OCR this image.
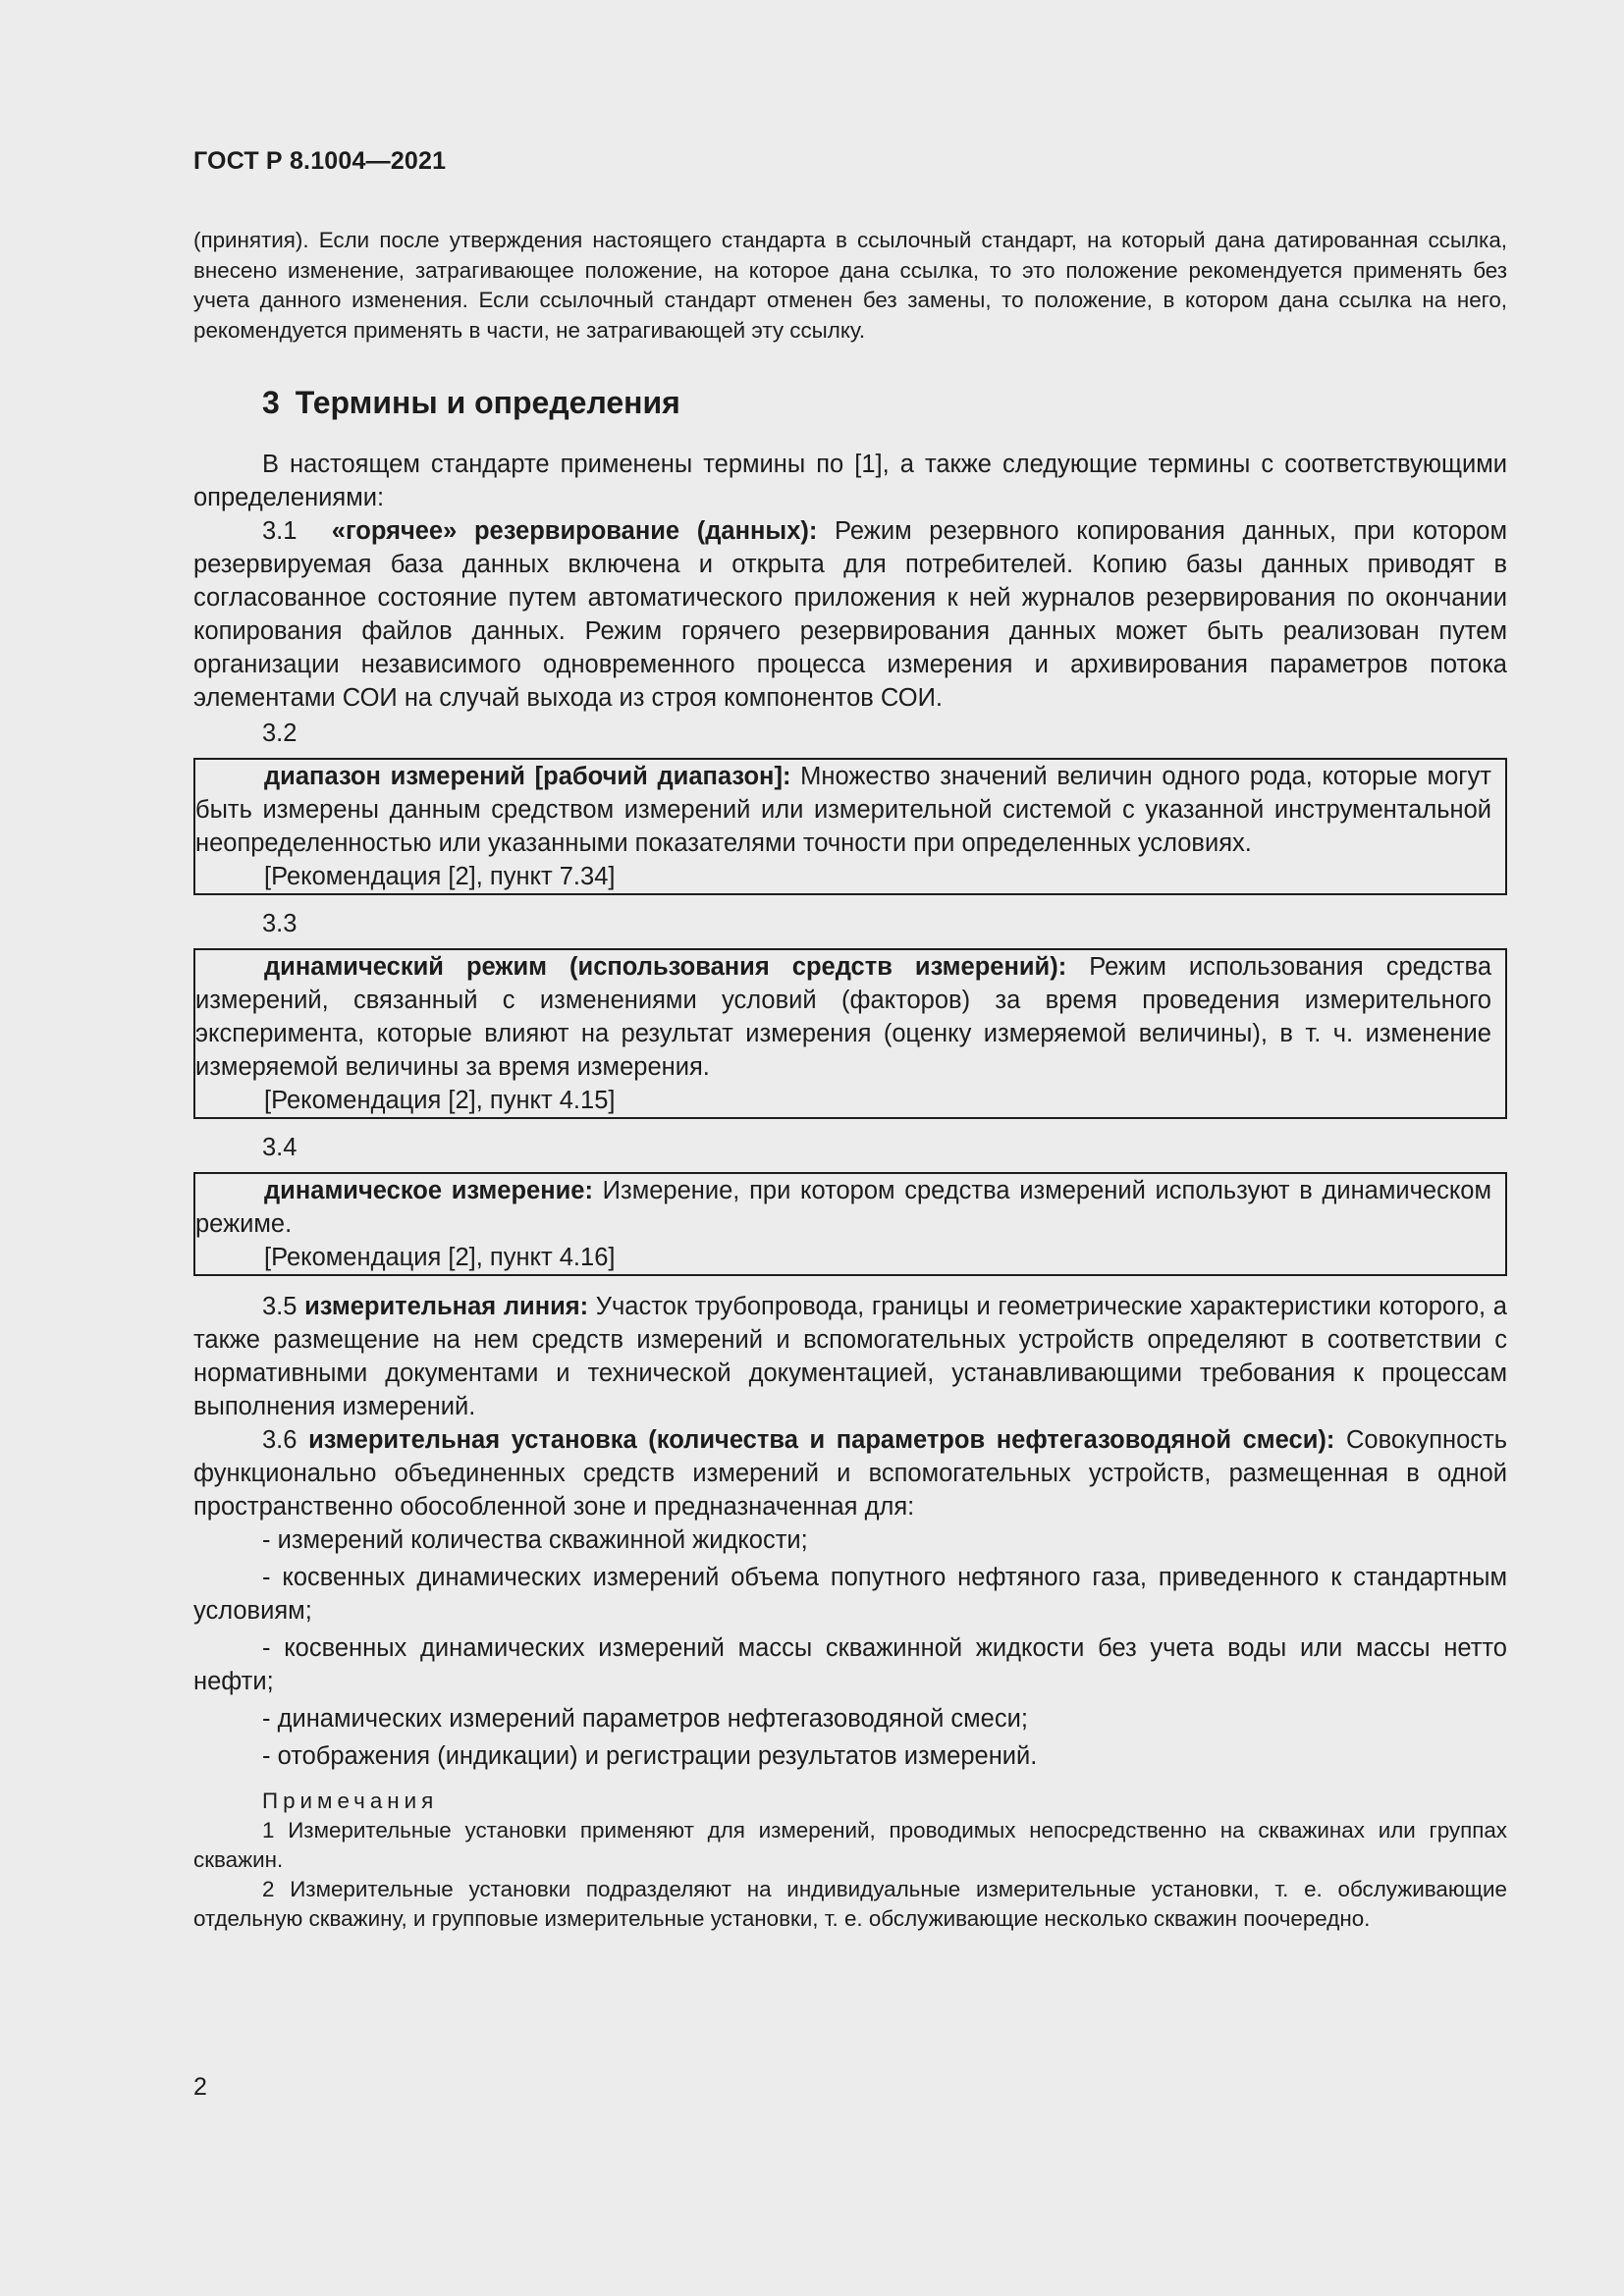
ГОСТ Р 8.1004—2021

(принятия). Если после утверждения настоящего стандарта в ссылочный стандарт, на который дана датированная ссылка, внесено изменение, затрагивающее положение, на которое дана ссылка, то это положение рекомендуется применять без учета данного изменения. Если ссылочный стандарт отменен без замены, то положение, в котором дана ссылка на него, рекомендуется применять в части, не затрагивающей эту ссылку.

3 Термины и определения

В настоящем стандарте применены термины по [1], а также следующие термины с соответствующими определениями:

3.1 «горячее» резервирование (данных): Режим резервного копирования данных, при котором резервируемая база данных включена и открыта для потребителей. Копию базы данных приводят в согласованное состояние путем автоматического приложения к ней журналов резервирования по окончании копирования файлов данных. Режим горячего резервирования данных может быть реализован путем организации независимого одновременного процесса измерения и архивирования параметров потока элементами СОИ на случай выхода из строя компонентов СОИ.

3.2

диапазон измерений [рабочий диапазон]: Множество значений величин одного рода, которые могут быть измерены данным средством измерений или измерительной системой с указанной инструментальной неопределенностью или указанными показателями точности при определенных условиях.

[Рекомендация [2], пункт 7.34]

3.3

динамический режим (использования средств измерений): Режим использования средства измерений, связанный с изменениями условий (факторов) за время проведения измерительного эксперимента, которые влияют на результат измерения (оценку измеряемой величины), в т. ч. изменение измеряемой величины за время измерения.

[Рекомендация [2], пункт 4.15]

3.4

динамическое измерение: Измерение, при котором средства измерений используют в динамическом режиме.

[Рекомендация [2], пункт 4.16]

3.5 измерительная линия: Участок трубопровода, границы и геометрические характеристики которого, а также размещение на нем средств измерений и вспомогательных устройств определяют в соответствии с нормативными документами и технической документацией, устанавливающими требования к процессам выполнения измерений.

3.6 измерительная установка (количества и параметров нефтегазоводяной смеси): Совокупность функционально объединенных средств измерений и вспомогательных устройств, размещенная в одной пространственно обособленной зоне и предназначенная для:

- измерений количества скважинной жидкости;

- косвенных динамических измерений объема попутного нефтяного газа, приведенного к стандартным условиям;

- косвенных динамических измерений массы скважинной жидкости без учета воды или массы нетто нефти;

- динамических измерений параметров нефтегазоводяной смеси;

- отображения (индикации) и регистрации результатов измерений.

Примечания

1 Измерительные установки применяют для измерений, проводимых непосредственно на скважинах или группах скважин.

2 Измерительные установки подразделяют на индивидуальные измерительные установки, т. е. обслуживающие отдельную скважину, и групповые измерительные установки, т. е. обслуживающие несколько скважин поочередно.

2
